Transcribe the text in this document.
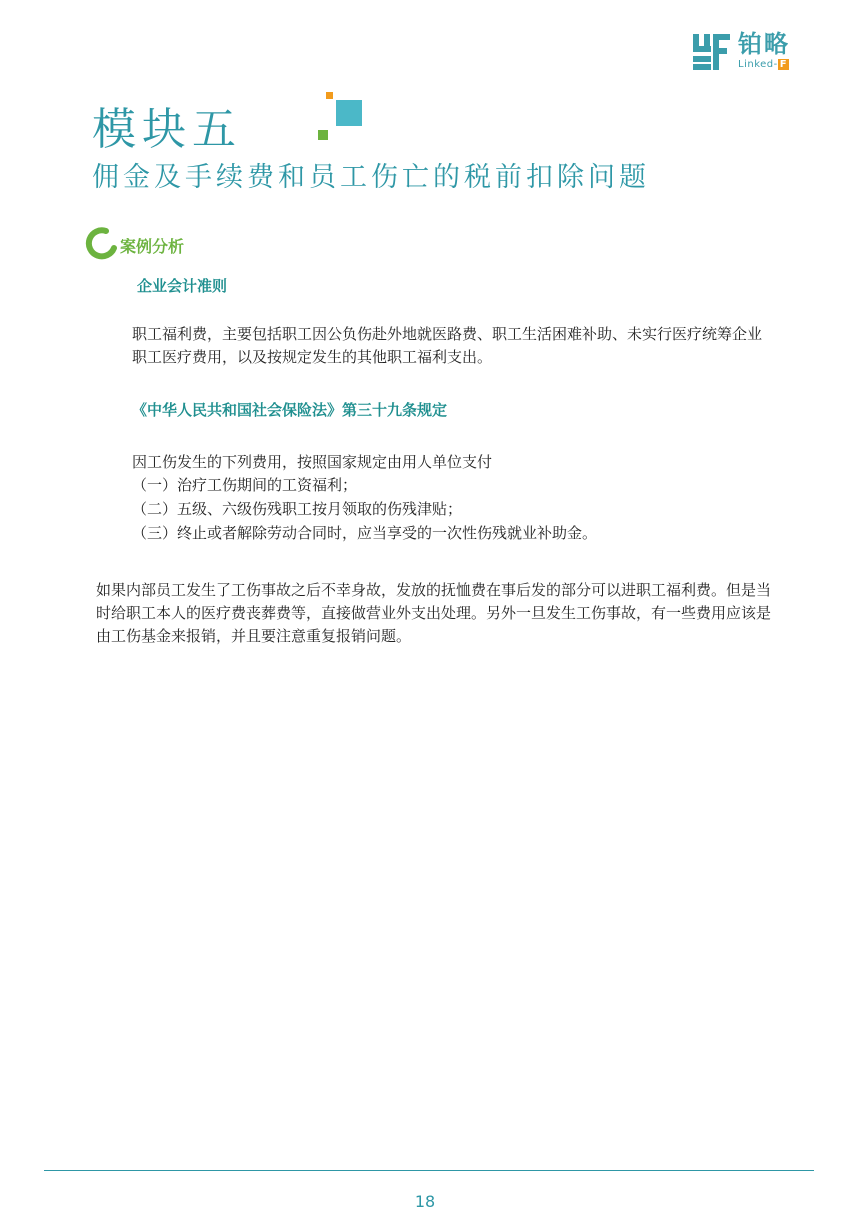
铂略
Linked- F
模块五
佣金及手续费和员工伤亡的税前扣除问题
案例分析
企业会计准则

职工福利费，主要包括职工因公负伤赴外地就医路费、职工生活困难补助、未实行医疗统筹企业职工医疗费用，以及按规定发生的其他职工福利支出。

《中华人民共和国社会保险法》第三十九条规定

因工伤发生的下列费用，按照国家规定由用人单位支付

（一）治疗工伤期间的工资福利；

（二）五级、六级伤残职工按月领取的伤残津贴；

（三）终止或者解除劳动合同时，应当享受的一次性伤残就业补助金。

如果内部员工发生了工伤事故之后不幸身故，发放的抚恤费在事后发的部分可以进职工福利费。但是当时给职工本人的医疗费丧葬费等，直接做营业外支出处理。另外一旦发生工伤事故，有一些费用应该是由工伤基金来报销，并且要注意重复报销问题。

18
